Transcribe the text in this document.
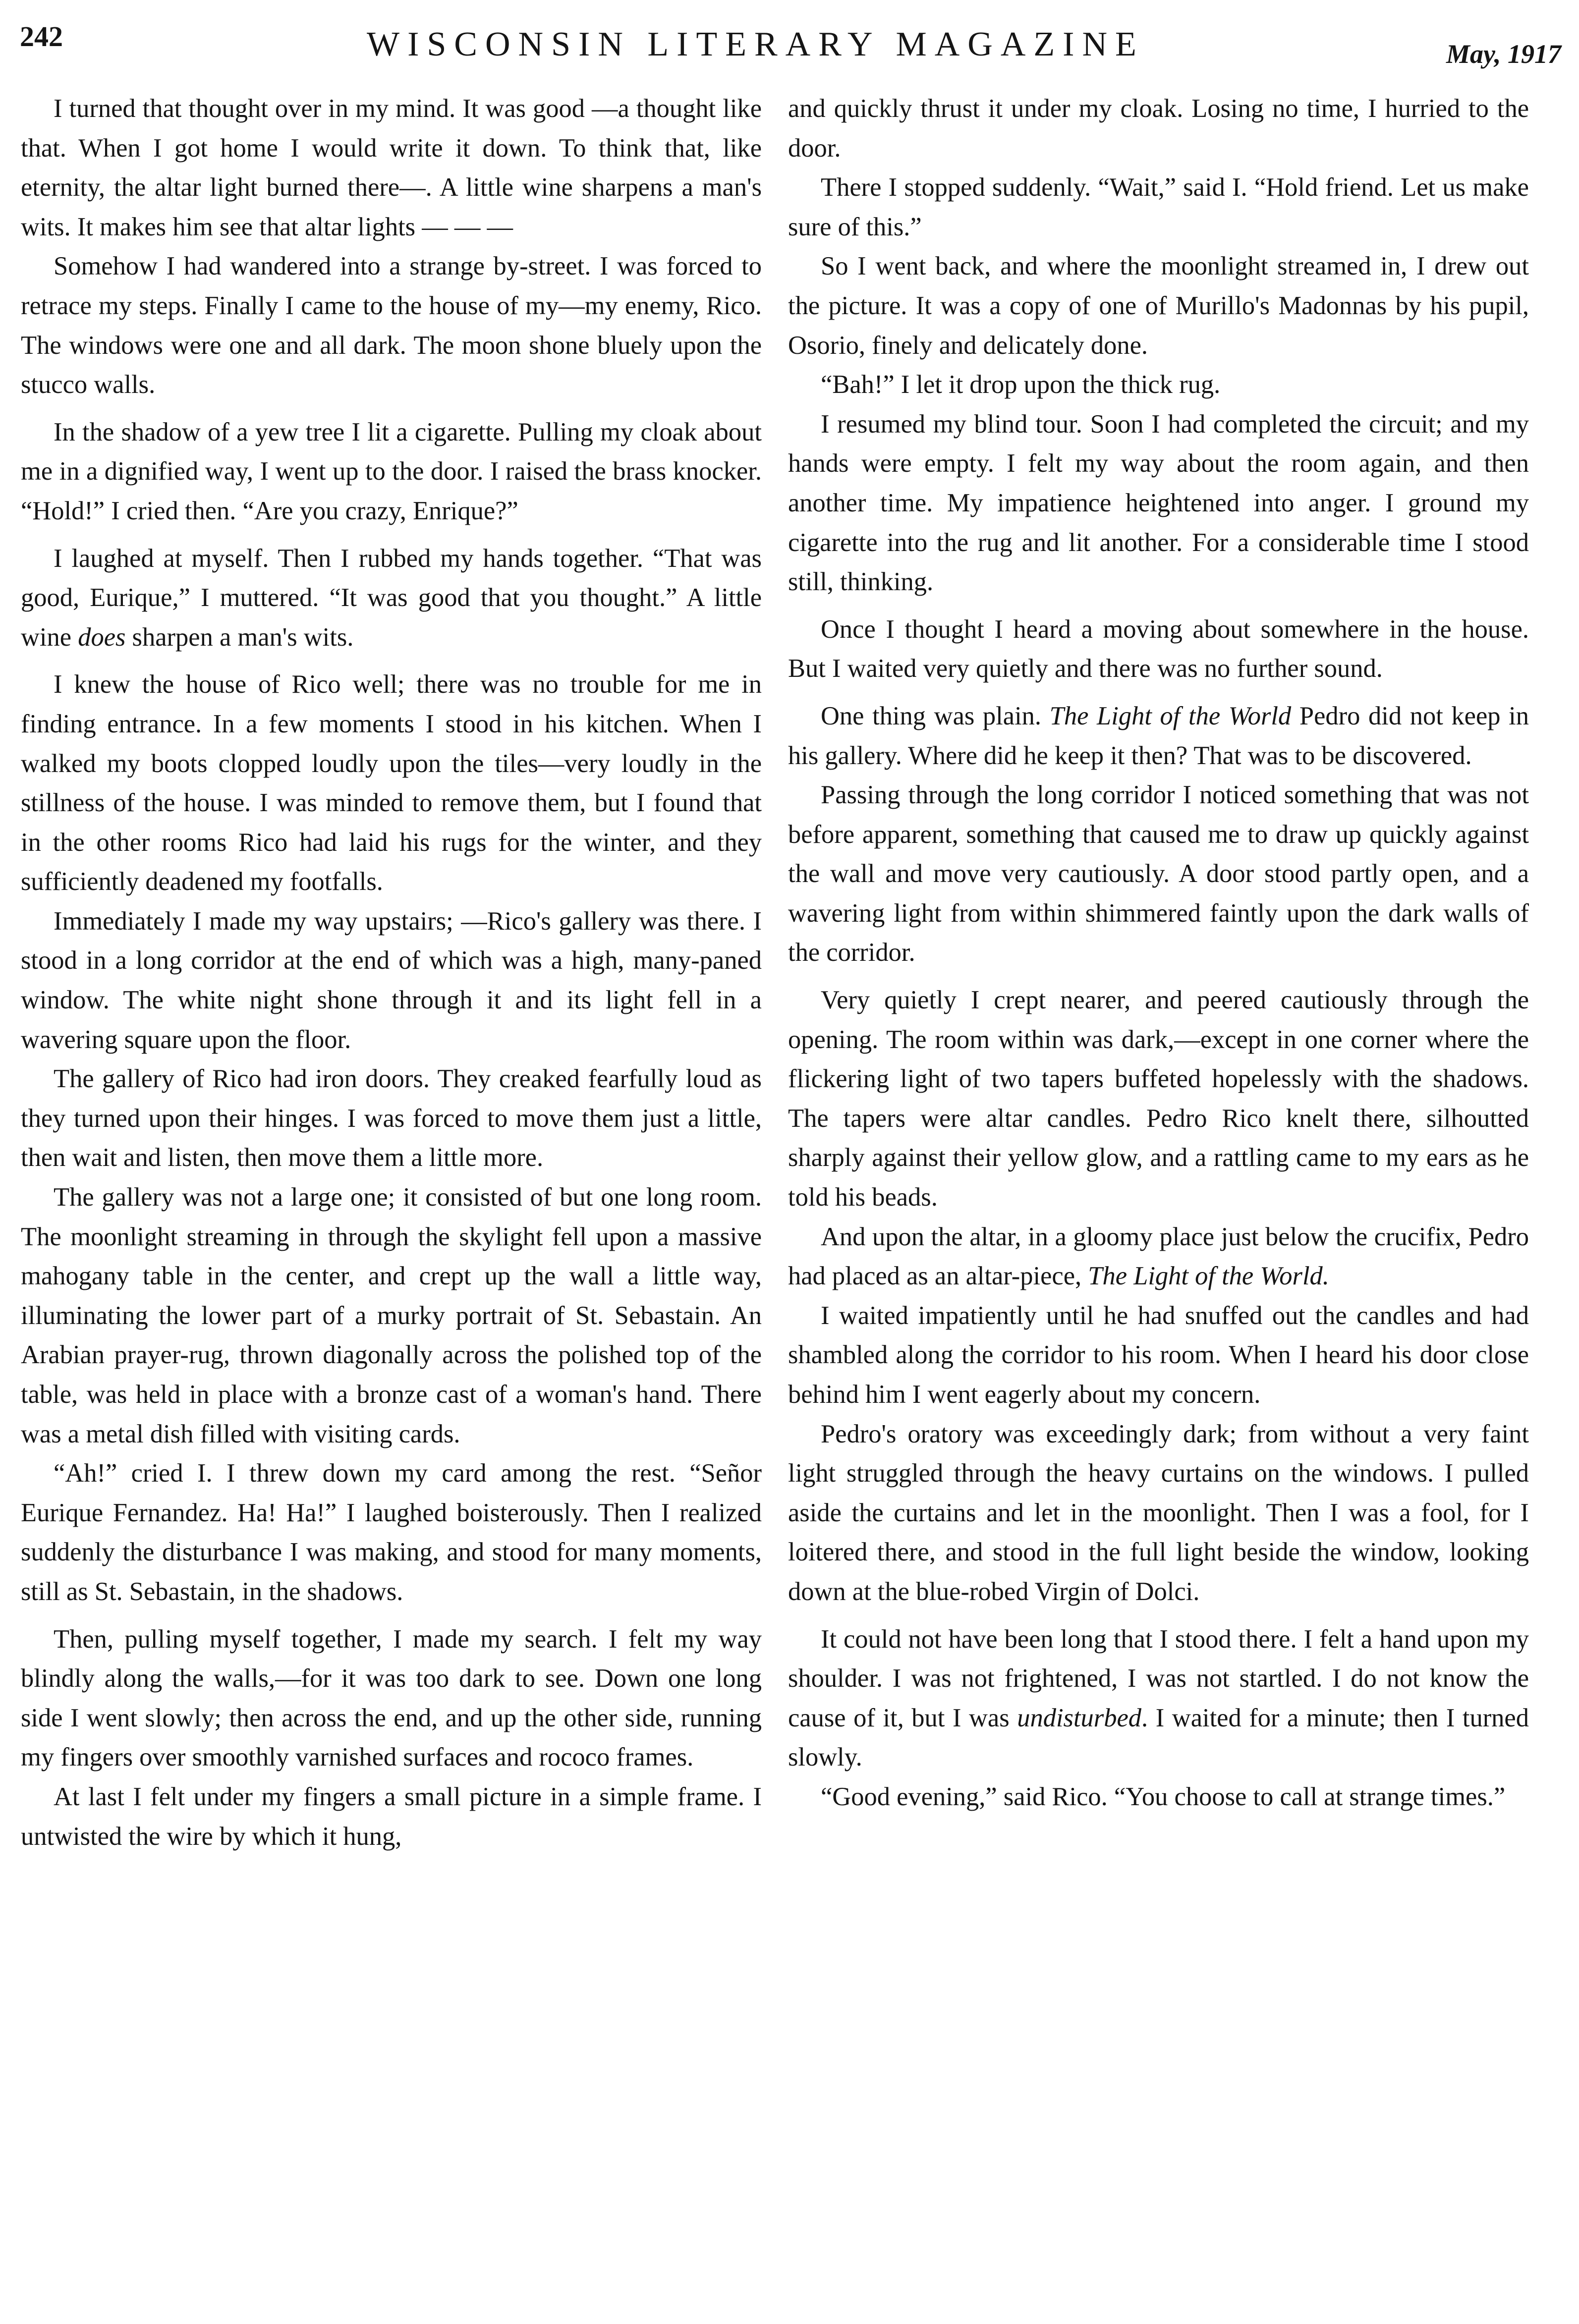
242	WISCONSIN LITERARY MAGAZINE	May, 1917

I turned that thought over in my mind. It was good —a thought like that. When I got home I would write it down. To think that, like eternity, the altar light burned there—. A little wine sharpens a man's wits. It makes him see that altar lights — — —

Somehow I had wandered into a strange by-street. I was forced to retrace my steps. Finally I came to the house of my—my enemy, Rico. The windows were one and all dark. The moon shone bluely upon the stucco walls.

In the shadow of a yew tree I lit a cigarette. Pulling my cloak about me in a dignified way, I went up to the door. I raised the brass knocker. “Hold!” I cried then. “Are you crazy, Enrique?”

I laughed at myself. Then I rubbed my hands together. “That was good, Eurique,” I muttered. “It was good that you thought.” A little wine does sharpen a man's wits.

I knew the house of Rico well; there was no trouble for me in finding entrance. In a few moments I stood in his kitchen. When I walked my boots clopped loudly upon the tiles—very loudly in the stillness of the house. I was minded to remove them, but I found that in the other rooms Rico had laid his rugs for the winter, and they sufficiently deadened my footfalls.

Immediately I made my way upstairs; —Rico's gallery was there. I stood in a long corridor at the end of which was a high, many-paned window. The white night shone through it and its light fell in a wavering square upon the floor.

The gallery of Rico had iron doors. They creaked fearfully loud as they turned upon their hinges. I was forced to move them just a little, then wait and listen, then move them a little more.

The gallery was not a large one; it consisted of but one long room. The moonlight streaming in through the skylight fell upon a massive mahogany table in the center, and crept up the wall a little way, illuminating the lower part of a murky portrait of St. Sebastain. An Arabian prayer-rug, thrown diagonally across the polished top of the table, was held in place with a bronze cast of a woman's hand. There was a metal dish filled with visiting cards.

“Ah!” cried I. I threw down my card among the rest. “Señor Eurique Fernandez. Ha! Ha!” I laughed boisterously. Then I realized suddenly the disturbance I was making, and stood for many moments, still as St. Sebastain, in the shadows.

Then, pulling myself together, I made my search. I felt my way blindly along the walls,—for it was too dark to see. Down one long side I went slowly; then across the end, and up the other side, running my fingers over smoothly varnished surfaces and rococo frames.

At last I felt under my fingers a small picture in a simple frame. I untwisted the wire by which it hung,

and quickly thrust it under my cloak. Losing no time, I hurried to the door.

There I stopped suddenly. “Wait,” said I. “Hold friend. Let us make sure of this.”

So I went back, and where the moonlight streamed in, I drew out the picture. It was a copy of one of Murillo's Madonnas by his pupil, Osorio, finely and delicately done.

“Bah!” I let it drop upon the thick rug.

I resumed my blind tour. Soon I had completed the circuit; and my hands were empty. I felt my way about the room again, and then another time. My impatience heightened into anger. I ground my cigarette into the rug and lit another. For a considerable time I stood still, thinking.

Once I thought I heard a moving about somewhere in the house. But I waited very quietly and there was no further sound.

One thing was plain. The Light of the World Pedro did not keep in his gallery. Where did he keep it then? That was to be discovered.

Passing through the long corridor I noticed something that was not before apparent, something that caused me to draw up quickly against the wall and move very cautiously. A door stood partly open, and a wavering light from within shimmered faintly upon the dark walls of the corridor.

Very quietly I crept nearer, and peered cautiously through the opening. The room within was dark,—except in one corner where the flickering light of two tapers buffeted hopelessly with the shadows. The tapers were altar candles. Pedro Rico knelt there, silhoutted sharply against their yellow glow, and a rattling came to my ears as he told his beads.

And upon the altar, in a gloomy place just below the crucifix, Pedro had placed as an altar-piece, The Light of the World.

I waited impatiently until he had snuffed out the candles and had shambled along the corridor to his room. When I heard his door close behind him I went eagerly about my concern.

Pedro's oratory was exceedingly dark; from without a very faint light struggled through the heavy curtains on the windows. I pulled aside the curtains and let in the moonlight. Then I was a fool, for I loitered there, and stood in the full light beside the window, looking down at the blue-robed Virgin of Dolci.

It could not have been long that I stood there. I felt a hand upon my shoulder. I was not frightened, I was not startled. I do not know the cause of it, but I was undisturbed. I waited for a minute; then I turned slowly.

“Good evening,” said Rico. “You choose to call at strange times.”
